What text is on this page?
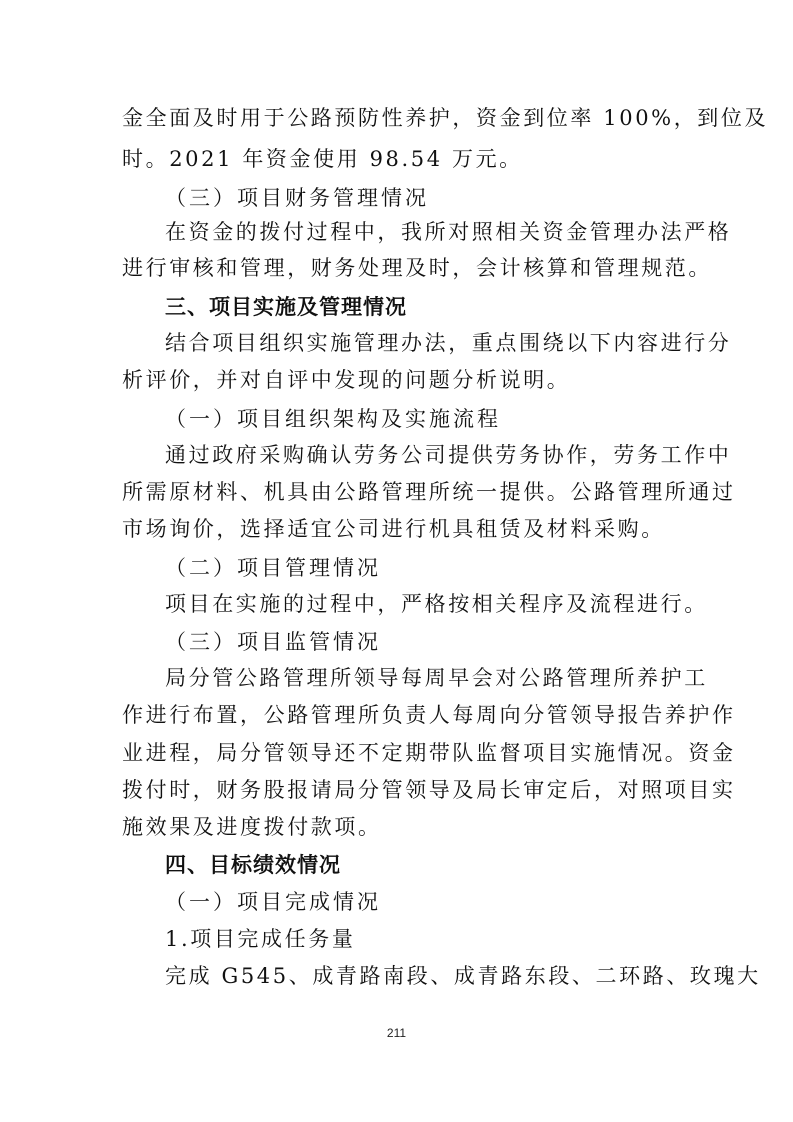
金全面及时用于公路预防性养护，资金到位率 100%，到位及
时。2021 年资金使用 98.54 万元。
（三）项目财务管理情况
在资金的拨付过程中，我所对照相关资金管理办法严格
进行审核和管理，财务处理及时，会计核算和管理规范。
三、项目实施及管理情况
结合项目组织实施管理办法，重点围绕以下内容进行分
析评价，并对自评中发现的问题分析说明。
（一）项目组织架构及实施流程
通过政府采购确认劳务公司提供劳务协作，劳务工作中
所需原材料、机具由公路管理所统一提供。公路管理所通过
市场询价，选择适宜公司进行机具租赁及材料采购。
（二）项目管理情况
项目在实施的过程中，严格按相关程序及流程进行。
（三）项目监管情况
局分管公路管理所领导每周早会对公路管理所养护工
作进行布置，公路管理所负责人每周向分管领导报告养护作
业进程，局分管领导还不定期带队监督项目实施情况。资金
拨付时，财务股报请局分管领导及局长审定后，对照项目实
施效果及进度拨付款项。
四、目标绩效情况
（一）项目完成情况
1.项目完成任务量
完成 G545、成青路南段、成青路东段、二环路、玫瑰大
211
